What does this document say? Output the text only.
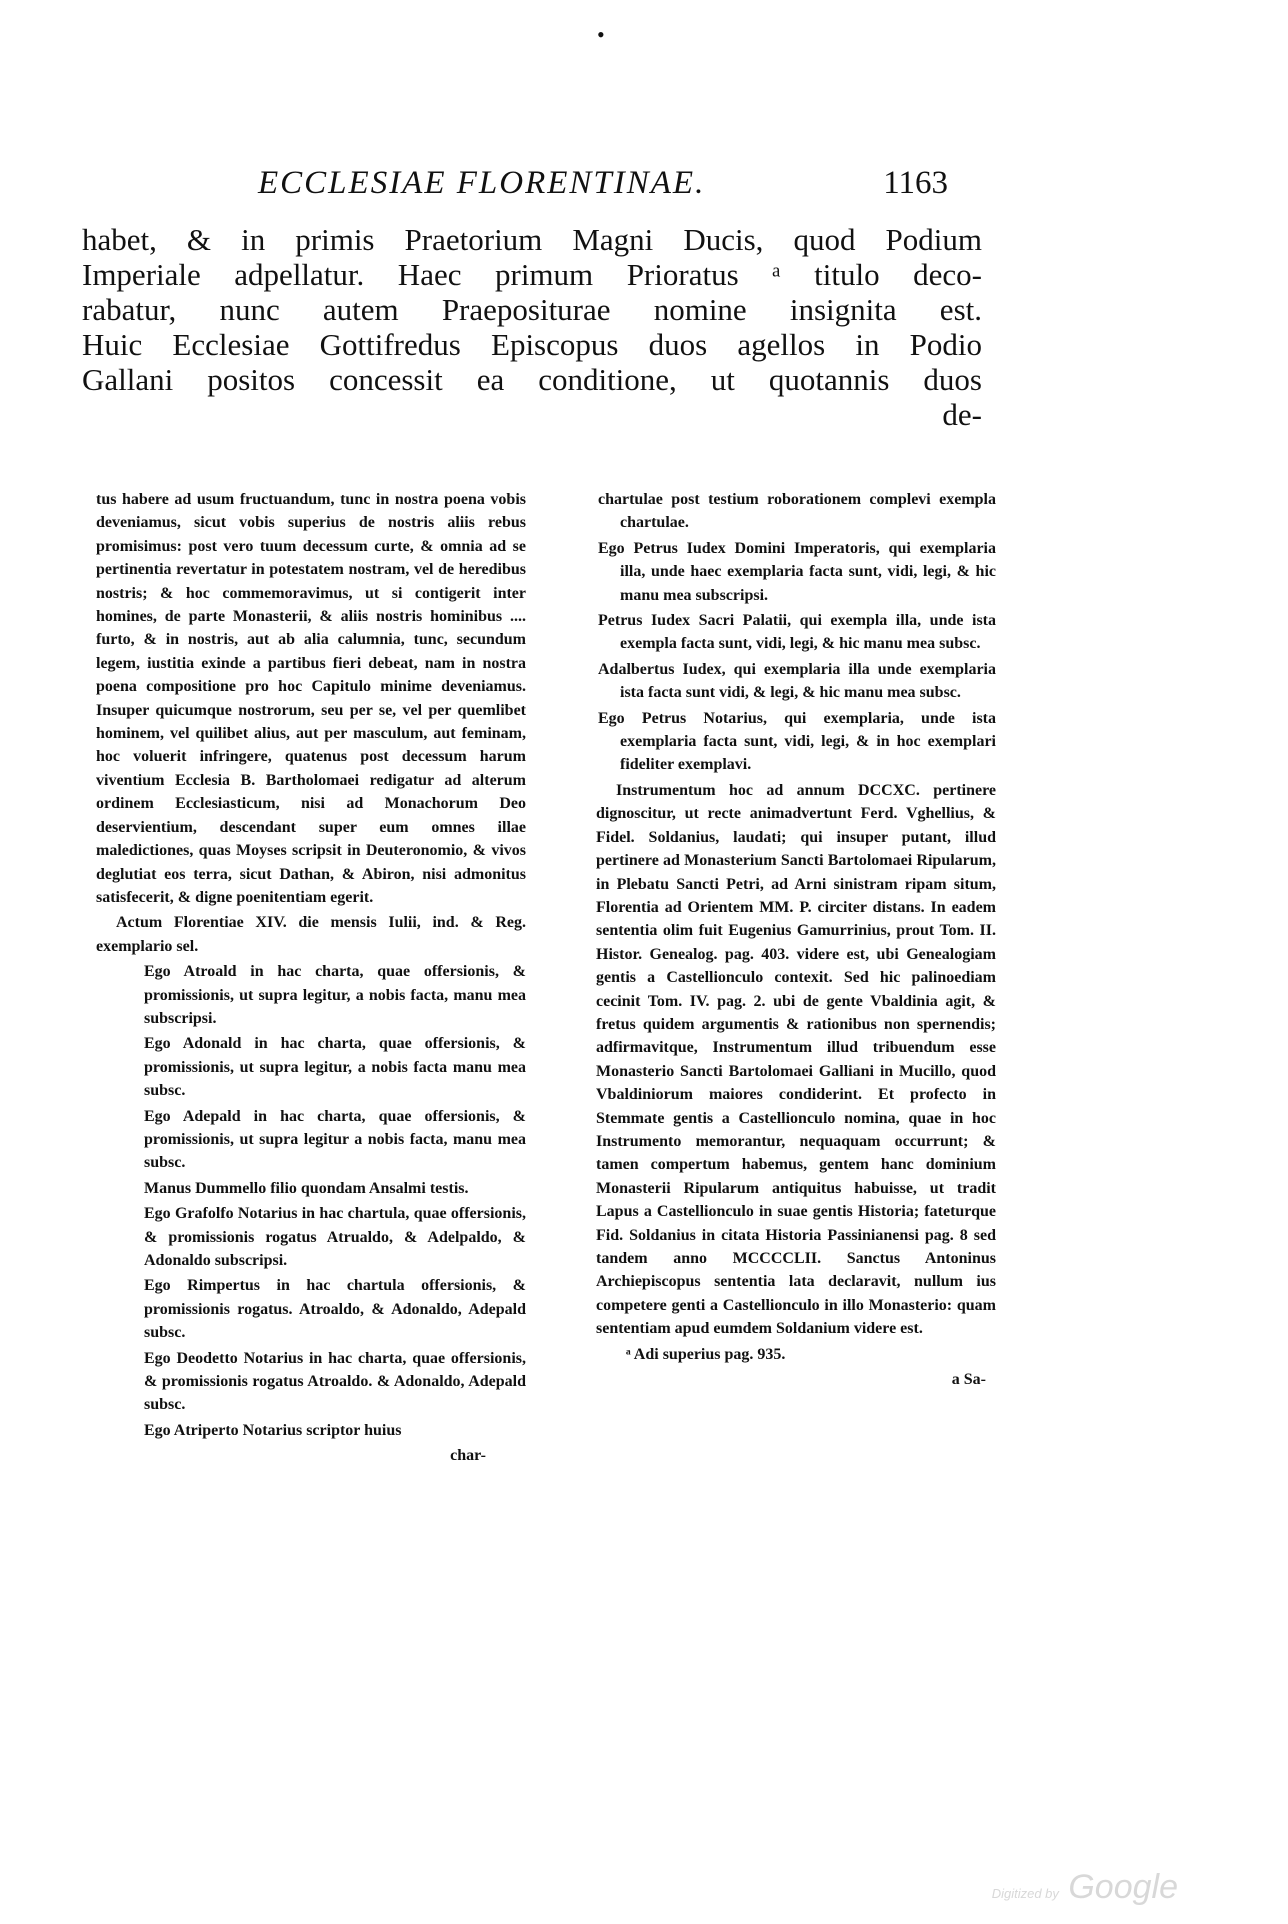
•
ECCLESIAE FLORENTINAE.	1163
habet, & in primis Praetorium Magni Ducis, quod Podium
Imperiale adpellatur. Haec primum Prioratus ᵃ titulo deco-
rabatur, nunc autem Praepositurae nomine insignita est.
Huic Ecclesiae Gottifredus Episcopus duos agellos in Podio
Gallani positos concessit ea conditione, ut quotannis duos
de-

tus habere ad usum fructuandum, tunc in nostra poena vobis deveniamus, sicut vobis superius de nostris aliis rebus promisimus: post vero tuum decessum curte, & omnia ad se pertinentia revertatur in potestatem nostram, vel de heredibus nostris; & hoc commemoravimus, ut si contigerit inter homines, de parte Monasterii, & aliis nostris hominibus .... furto, & in nostris, aut ab alia calumnia, tunc, secundum legem, iustitia exinde a partibus fieri debeat, nam in nostra poena compositione pro hoc Capitulo minime deveniamus. Insuper quicumque nostrorum, seu per se, vel per quemlibet hominem, vel quilibet alius, aut per masculum, aut feminam, hoc voluerit infringere, quatenus post decessum harum viventium Ecclesia B. Bartholomaei redigatur ad alterum ordinem Ecclesiasticum, nisi ad Monachorum Deo deservientium, descendant super eum omnes illae maledictiones, quas Moyses scripsit in Deuteronomio, & vivos deglutiat eos terra, sicut Dathan, & Abiron, nisi admonitus satisfecerit, & digne poenitentiam egerit.

Actum Florentiae XIV. die mensis Iulii, ind. & Reg. exemplario sel.

Ego Atroald in hac charta, quae offersionis, & promissionis, ut supra legitur, a nobis facta, manu mea subscripsi.

Ego Adonald in hac charta, quae offersionis, & promissionis, ut supra legitur, a nobis facta manu mea subsc.

Ego Adepald in hac charta, quae offersionis, & promissionis, ut supra legitur a nobis facta, manu mea subsc.

Manus Dummello filio quondam Ansalmi testis.

Ego Grafolfo Notarius in hac chartula, quae offersionis, & promissionis rogatus Atrualdo, & Adelpaldo, & Adonaldo subscripsi.

Ego Rimpertus in hac chartula offersionis, & promissionis rogatus. Atroaldo, & Adonaldo, Adepald subsc.

Ego Deodetto Notarius in hac charta, quae offersionis, & promissionis rogatus Atroaldo. & Adonaldo, Adepald subsc.

Ego Atriperto Notarius scriptor huius

char-

chartulae post testium roborationem complevi exempla chartulae.

Ego Petrus Iudex Domini Imperatoris, qui exemplaria illa, unde haec exemplaria facta sunt, vidi, legi, & hic manu mea subscripsi.

Petrus Iudex Sacri Palatii, qui exempla illa, unde ista exempla facta sunt, vidi, legi, & hic manu mea subsc.

Adalbertus Iudex, qui exemplaria illa unde exemplaria ista facta sunt vidi, & legi, & hic manu mea subsc.

Ego Petrus Notarius, qui exemplaria, unde ista exemplaria facta sunt, vidi, legi, & in hoc exemplari fideliter exemplavi.

Instrumentum hoc ad annum DCCXC. pertinere dignoscitur, ut recte animadvertunt Ferd. Vghellius, & Fidel. Soldanius, laudati; qui insuper putant, illud pertinere ad Monasterium Sancti Bartolomaei Ripularum, in Plebatu Sancti Petri, ad Arni sinistram ripam situm, Florentia ad Orientem MM. P. circiter distans. In eadem sententia olim fuit Eugenius Gamurrinius, prout Tom. II. Histor. Genealog. pag. 403. videre est, ubi Genealogiam gentis a Castellionculo contexit. Sed hic palinoediam cecinit Tom. IV. pag. 2. ubi de gente Vbaldinia agit, & fretus quidem argumentis & rationibus non spernendis; adfirmavitque, Instrumentum illud tribuendum esse Monasterio Sancti Bartolomaei Galliani in Mucillo, quod Vbaldiniorum maiores condiderint. Et profecto in Stemmate gentis a Castellionculo nomina, quae in hoc Instrumento memorantur, nequaquam occurrunt; & tamen compertum habemus, gentem hanc dominium Monasterii Ripularum antiquitus habuisse, ut tradit Lapus a Castellionculo in suae gentis Historia; fateturque Fid. Soldanius in citata Historia Passinianensi pag. 8 sed tandem anno MCCCCLII. Sanctus Antoninus Archiepiscopus sententia lata declaravit, nullum ius competere genti a Castellionculo in illo Monasterio: quam sententiam apud eumdem Soldanium videre est.

ᵃ Adi superius pag. 935.

a Sa-

Digitized by Google
